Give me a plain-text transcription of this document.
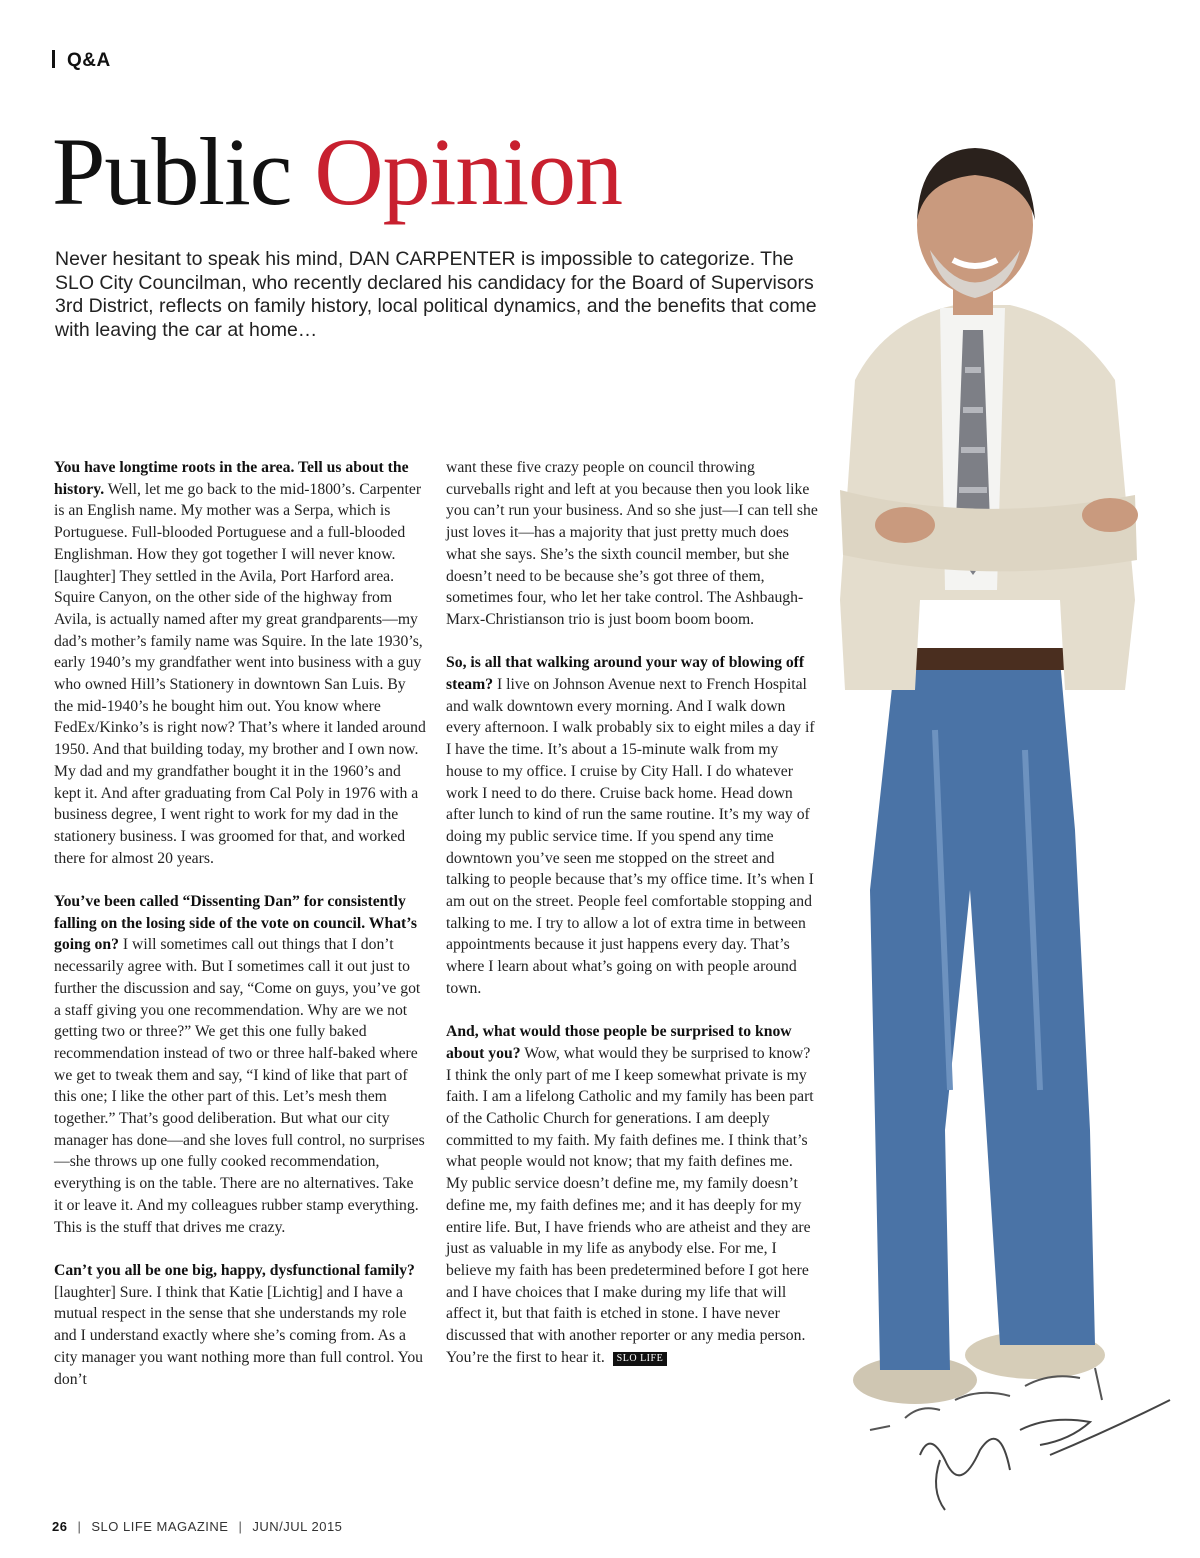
Q&A
Public Opinion

Never hesitant to speak his mind, DAN CARPENTER is impossible to categorize. The SLO City Councilman, who recently declared his candidacy for the Board of Supervisors 3rd District, reflects on family history, local political dynamics, and the benefits that come with leaving the car at home…

You have longtime roots in the area. Tell us about the history. Well, let me go back to the mid-1800’s. Carpenter is an English name. My mother was a Serpa, which is Portuguese. Full-blooded Portuguese and a full-blooded Englishman. How they got together I will never know. [laughter] They settled in the Avila, Port Harford area. Squire Canyon, on the other side of the highway from Avila, is actually named after my great grandparents—my dad’s mother’s family name was Squire. In the late 1930’s, early 1940’s my grandfather went into business with a guy who owned Hill’s Stationery in downtown San Luis. By the mid-1940’s he bought him out. You know where FedEx/Kinko’s is right now? That’s where it landed around 1950. And that building today, my brother and I own now. My dad and my grandfather bought it in the 1960’s and kept it. And after graduating from Cal Poly in 1976 with a business degree, I went right to work for my dad in the stationery business. I was groomed for that, and worked there for almost 20 years.

You’ve been called “Dissenting Dan” for consistently falling on the losing side of the vote on council. What’s going on? I will sometimes call out things that I don’t necessarily agree with. But I sometimes call it out just to further the discussion and say, “Come on guys, you’ve got a staff giving you one recommendation. Why are we not getting two or three?” We get this one fully baked recommendation instead of two or three half-baked where we get to tweak them and say, “I kind of like that part of this one; I like the other part of this. Let’s mesh them together.” That’s good deliberation. But what our city manager has done—and she loves full control, no surprises—she throws up one fully cooked recommendation, everything is on the table. There are no alternatives. Take it or leave it. And my colleagues rubber stamp everything. This is the stuff that drives me crazy.

Can’t you all be one big, happy, dysfunctional family? [laughter] Sure. I think that Katie [Lichtig] and I have a mutual respect in the sense that she understands my role and I understand exactly where she’s coming from. As a city manager you want nothing more than full control. You don’t

want these five crazy people on council throwing curveballs right and left at you because then you look like you can’t run your business. And so she just—I can tell she just loves it—has a majority that just pretty much does what she says. She’s the sixth council member, but she doesn’t need to be because she’s got three of them, sometimes four, who let her take control. The Ashbaugh-Marx-Christianson trio is just boom boom boom.

So, is all that walking around your way of blowing off steam? I live on Johnson Avenue next to French Hospital and walk downtown every morning. And I walk down every afternoon. I walk probably six to eight miles a day if I have the time. It’s about a 15-minute walk from my house to my office. I cruise by City Hall. I do whatever work I need to do there. Cruise back home. Head down after lunch to kind of run the same routine. It’s my way of doing my public service time. If you spend any time downtown you’ve seen me stopped on the street and talking to people because that’s my office time. It’s when I am out on the street. People feel comfortable stopping and talking to me. I try to allow a lot of extra time in between appointments because it just happens every day. That’s where I learn about what’s going on with people around town.

And, what would those people be surprised to know about you? Wow, what would they be surprised to know? I think the only part of me I keep somewhat private is my faith. I am a lifelong Catholic and my family has been part of the Catholic Church for generations. I am deeply committed to my faith. My faith defines me. I think that’s what people would not know; that my faith defines me. My public service doesn’t define me, my family doesn’t define me, my faith defines me; and it has deeply for my entire life. But, I have friends who are atheist and they are just as valuable in my life as anybody else. For me, I believe my faith has been predetermined before I got here and I have choices that I make during my life that will affect it, but that faith is etched in stone. I have never discussed that with another reporter or any media person. You’re the first to hear it. SLO LIFE

26 | SLO LIFE MAGAZINE | JUN/JUL 2015
